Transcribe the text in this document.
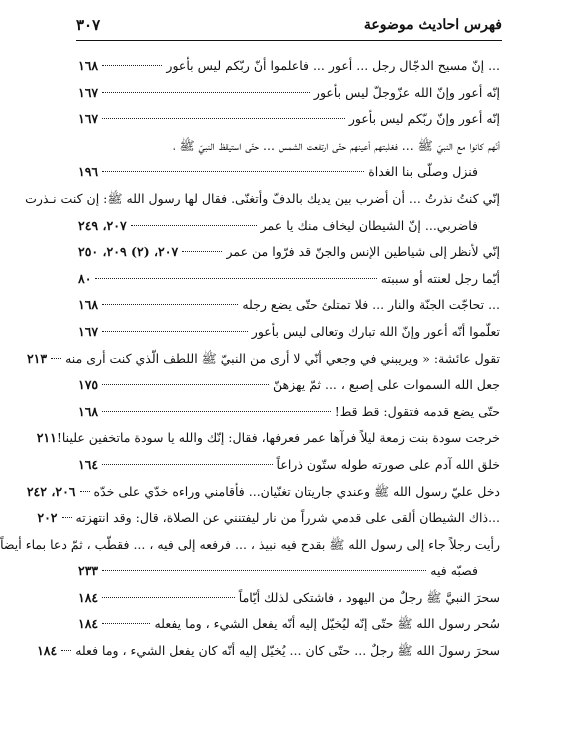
فهرس احاديث موضوعة
٣٠٧
... إنّ مسيح الدجّال رجل ... أعور ... فاعلموا أنّ ربّكم ليس بأعور
١٦٨
إنّه أعور وإنّ الله عزّوجلّ ليس بأعور
١٦٧
إنّه أعور وإنّ ربّكم ليس بأعور
١٦٧
أنّهم كانوا مع النبيّ ﷺ ... فغلبتهم أعينهم حتّى ارتفعت الشمس ... حتّى استيقظ النبيّ ﷺ ،
فنزل وصلّى بنا الغداة
١٩٦
إنّي كنتُ نذرتُ ... أن أضرب بين يديك بالدفّ وأتغنّى. فقال لها رسول الله ﷺ: إن كنت نـذرت
فاضربي... إنّ الشيطان ليخاف منك يا عمر
٢٠٧، ٢٤٩
إنّي لأنظر إلى شياطين الإنس والجنّ قد فرّوا من عمر
٢٠٧، (٢) ٢٠٩، ٢٥٠
أيّما رجل لعنته أو سببته
٨٠
... تحاجّت الجنّة والنار ... فلا تمتلئ حتّى يضع رجله
١٦٨
تعلّموا أنّه أعور وإنّ الله تبارك وتعالى ليس بأعور
١٦٧
تقول عائشة: « ويريبني في وجعي أنّي لا أرى من النبيّ ﷺ اللطف الّذي كنت أرى منه
٢١٣
جعل الله السموات على إصبع ، ... ثمّ يهزهنّ
١٧٥
حتّى يضع قدمه فتقول: قط قط!
١٦٨
خرجت سودة بنت زمعة ليلاً فرآها عمر فعرفها، فقال: إنّك والله يا سودة ماتخفين علينا!
٢١١
خلق الله آدم على صورته طوله ستّون ذراعاً
١٦٤
دخل عليّ رسول الله ﷺ وعندي جاريتان تغنّيان... فأقامني وراءه خدّي على خدّه
٢٠٦، ٢٤٢
...ذاك الشيطان ألقى على قدمي شرراً من نار ليفتنني عن الصلاة، قال: وقد انتهزته
٢٠٢
رأيت رجلاً جاء إلى رسول الله ﷺ بقدح فيه نبيذ ، ... فرفعه إلى فيه ، ... فقطّب ، ثمّ دعا بماء أيضاً
فصبّه فيه
٢٣٣
سحرَ النبيَّ ﷺ رجلٌ من اليهود ، فاشتكى لذلك أيّاماً
١٨٤
سُحر رسول الله ﷺ حتّى إنّه ليُخيّل إليه أنّه يفعل الشيء ، وما يفعله
١٨٤
سحرَ رسولَ الله ﷺ رجلٌ ... حتّى كان ... يُخيّل إليه أنّه كان يفعل الشيء ، وما فعله
١٨٤
